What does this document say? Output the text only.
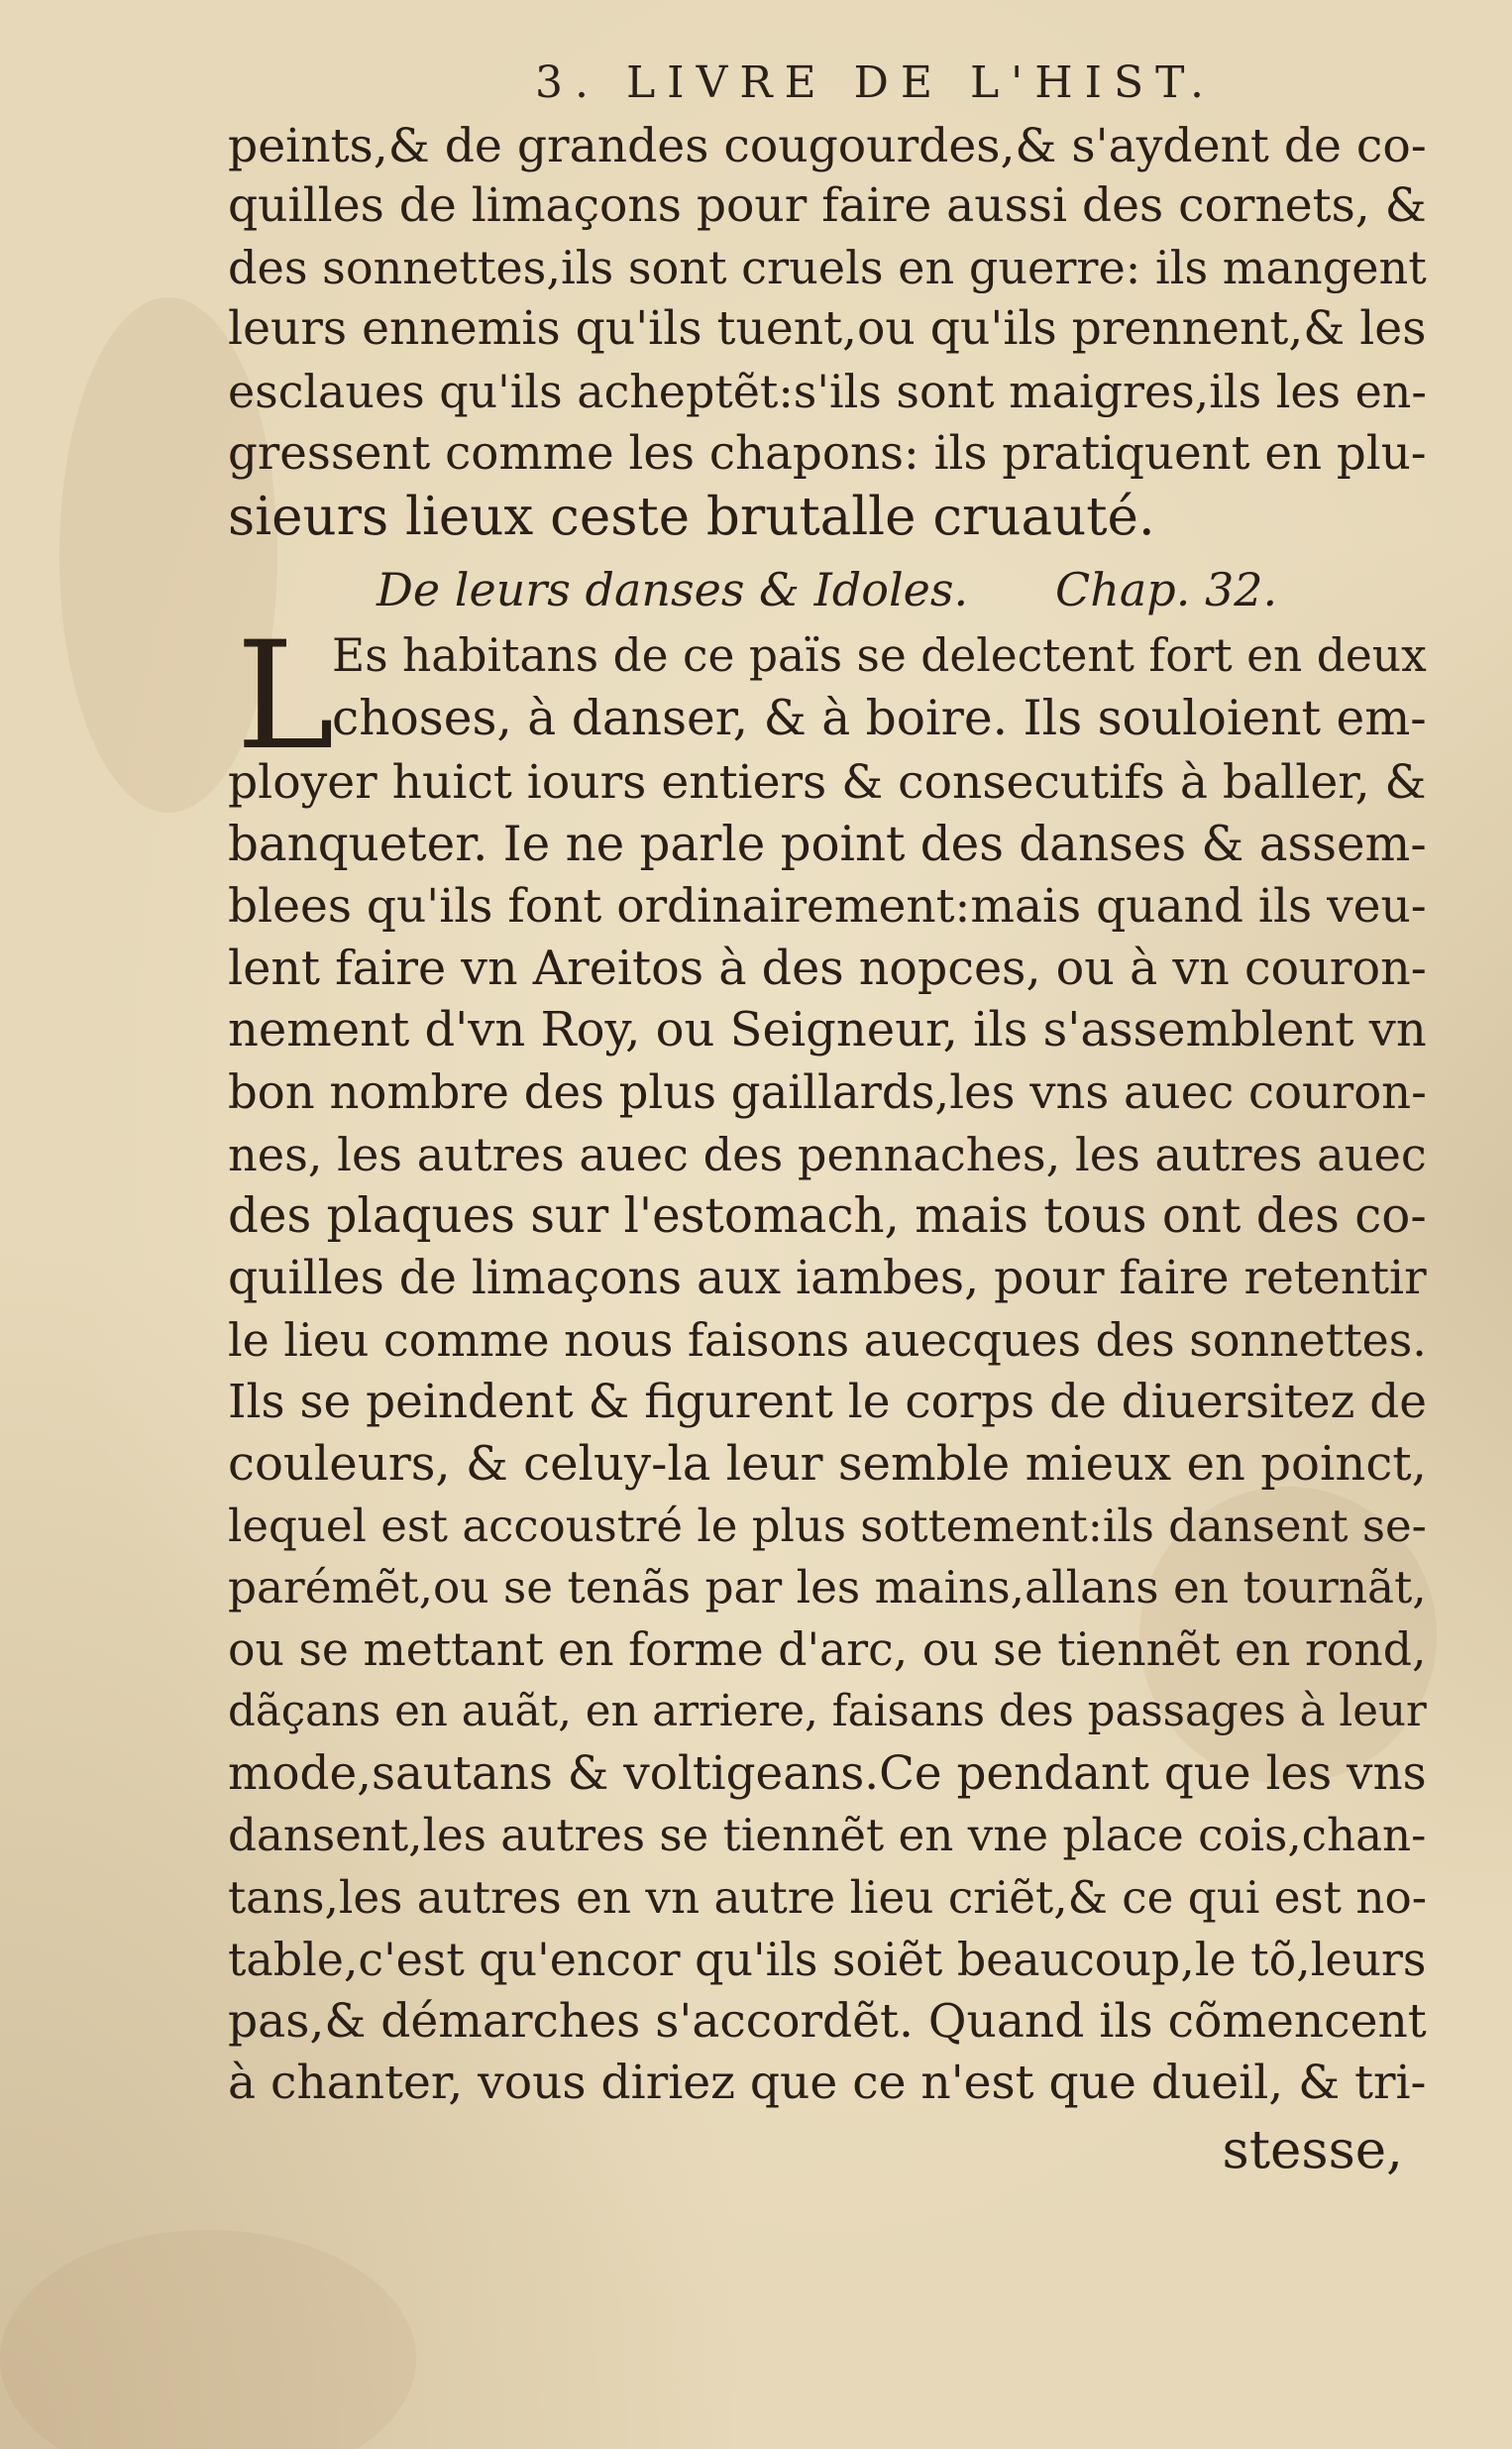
3. LIVRE DE L'HIST.
peints,& de grandes cougourdes,& s'aydent de co-
quilles de limaçons pour faire aussi des cornets, &
des sonnettes,ils sont cruels en guerre: ils mangent
leurs ennemis qu'ils tuent,ou qu'ils prennent,& les
esclaues qu'ils acheptẽt:s'ils sont maigres,ils les en-
gressent comme les chapons: ils pratiquent en plu-
sieurs lieux ceste brutalle cruauté.
De leurs danses & Idoles. Chap. 32.
L
Es habitans de ce païs se delectent fort en deux
choses, à danser, & à boire. Ils souloient em-
ployer huict iours entiers & consecutifs à baller, &
banqueter. Ie ne parle point des danses & assem-
blees qu'ils font ordinairement:mais quand ils veu-
lent faire vn Areitos à des nopces, ou à vn couron-
nement d'vn Roy, ou Seigneur, ils s'assemblent vn
bon nombre des plus gaillards,les vns auec couron-
nes, les autres auec des pennaches, les autres auec
des plaques sur l'estomach, mais tous ont des co-
quilles de limaçons aux iambes, pour faire retentir
le lieu comme nous faisons auecques des sonnettes.
Ils se peindent & figurent le corps de diuersitez de
couleurs, & celuy-la leur semble mieux en poinct,
lequel est accoustré le plus sottement:ils dansent se-
parémẽt,ou se tenãs par les mains,allans en tournãt,
ou se mettant en forme d'arc, ou se tiennẽt en rond,
dãçans en auãt, en arriere, faisans des passages à leur
mode,sautans & voltigeans.Ce pendant que les vns
dansent,les autres se tiennẽt en vne place cois,chan-
tans,les autres en vn autre lieu criẽt,& ce qui est no-
table,c'est qu'encor qu'ils soiẽt beaucoup,le tõ,leurs
pas,& démarches s'accordẽt. Quand ils cõmencent
à chanter, vous diriez que ce n'est que dueil, & tri-
stesse,
